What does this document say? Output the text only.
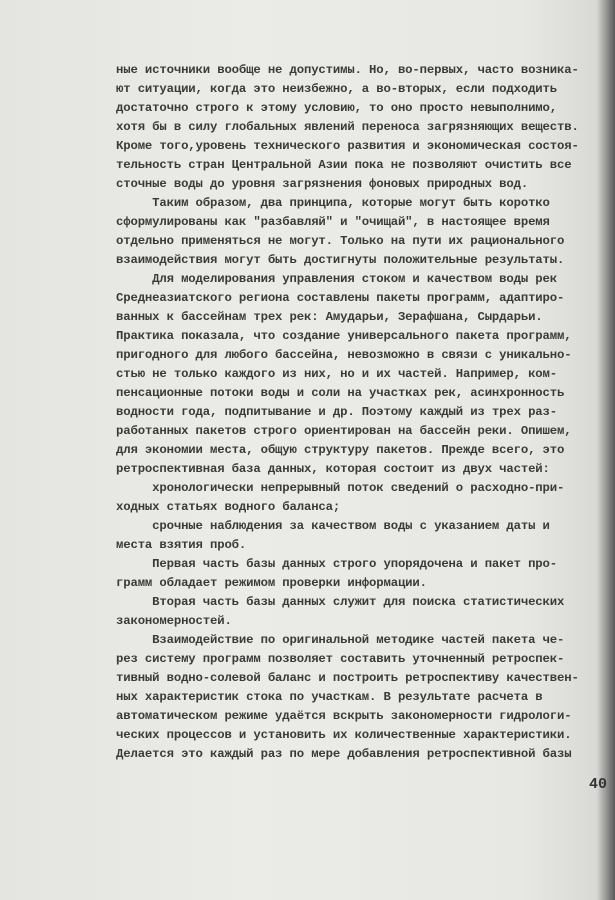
ные источники вообще не допустимы. Но, во-первых, часто возника-
ют ситуации, когда это неизбежно, а во-вторых, если подходить
достаточно строго к этому условию, то оно просто невыполнимо,
хотя бы в силу глобальных явлений переноса загрязняющих веществ.
Кроме того,уровень технического развития и экономическая состоя-
тельность стран Центральной Азии пока не позволяют очистить все
сточные воды до уровня загрязнения фоновых природных вод.
Таким образом, два принципа, которые могут быть коротко
сформулированы как "разбавляй" и "очищай", в настоящее время
отдельно применяться не могут. Только на пути их рационального
взаимодействия могут быть достигнуты положительные результаты.
Для моделирования управления стоком и качеством воды рек
Среднеазиатского региона составлены пакеты программ, адаптиро-
ванных к бассейнам трех рек: Амударьи, Зерафшана, Сырдарьи.
Практика показала, что создание универсального пакета программ,
пригодного для любого бассейна, невозможно в связи с уникально-
стью не только каждого из них, но и их частей. Например, ком-
пенсационные потоки воды и соли на участках рек, асинхронность
водности года, подпитывание и др. Поэтому каждый из трех раз-
работанных пакетов строго ориентирован на бассейн реки. Опишем,
для экономии места, общую структуру пакетов. Прежде всего, это
ретроспективная база данных, которая состоит из двух частей:
хронологически непрерывный поток сведений о расходно-при-
ходных статьях водного баланса;
срочные наблюдения за качеством воды с указанием даты и
места взятия проб.
Первая часть базы данных строго упорядочена и пакет про-
грамм обладает режимом проверки информации.
Вторая часть базы данных служит для поиска статистических
закономерностей.
Взаимодействие по оригинальной методике частей пакета че-
рез систему программ позволяет составить уточненный ретроспек-
тивный водно-солевой баланс и построить ретроспективу качествен-
ных характеристик стока по участкам. В результате расчета в
автоматическом режиме удаётся вскрыть закономерности гидрологи-
ческих процессов и установить их количественные характеристики.
Делается это каждый раз по мере добавления ретроспективной базы
40
